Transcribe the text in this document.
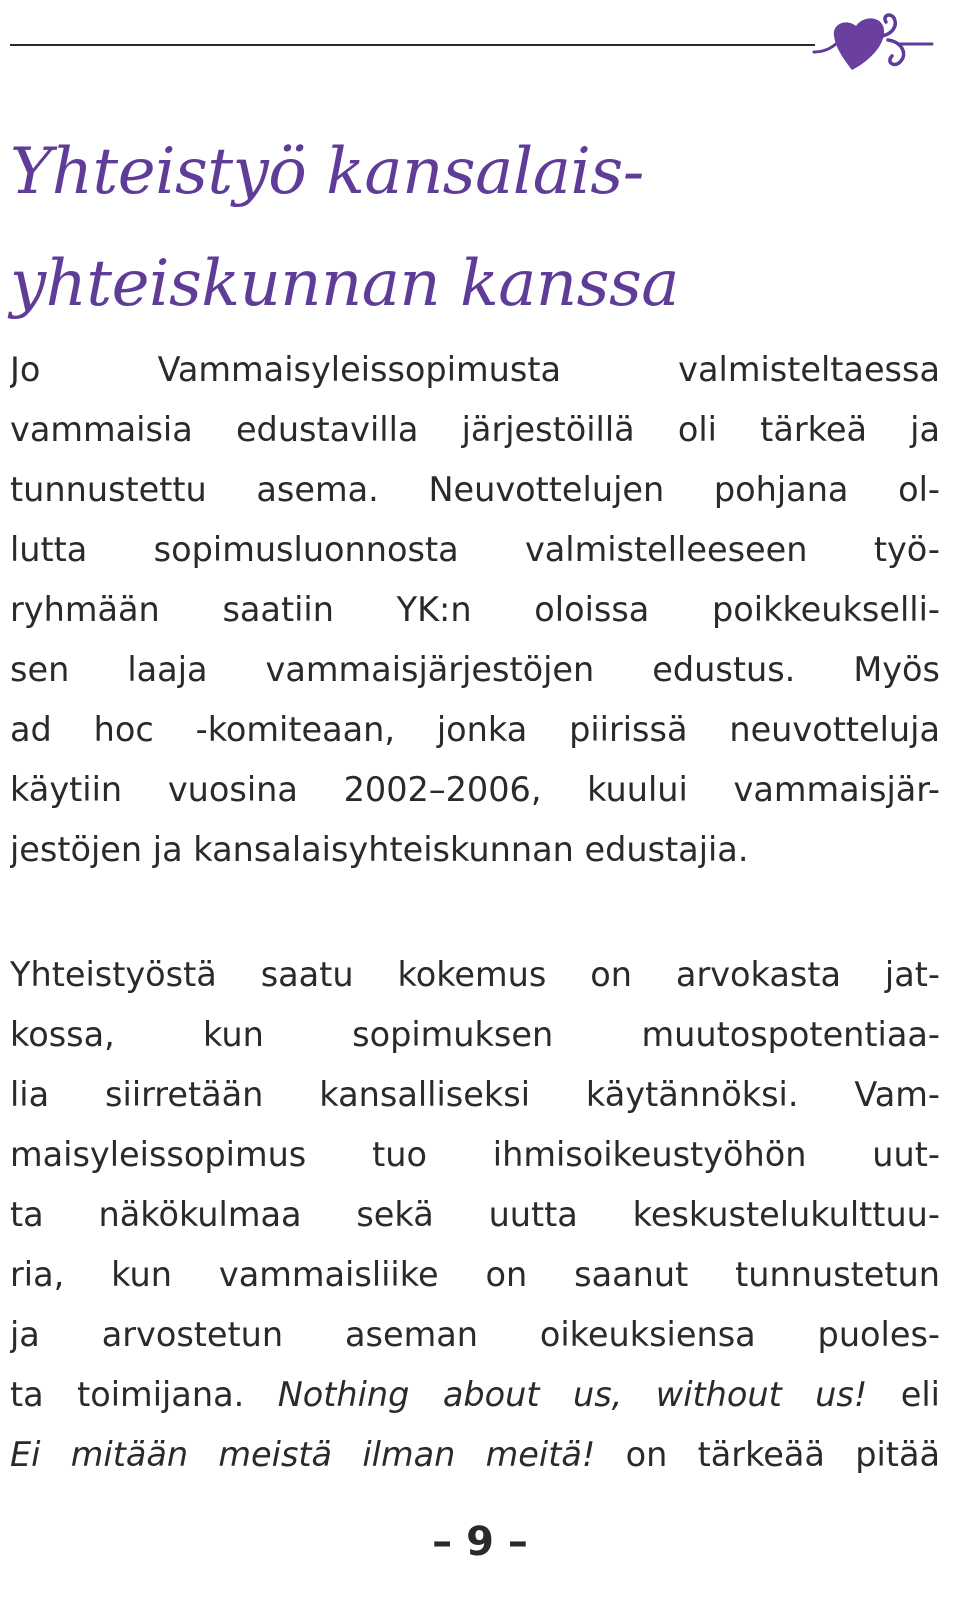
Yhteistyö kansalais-
yhteiskunnan kanssa
Jo Vammaisyleissopimusta valmisteltaessa
vammaisia edustavilla järjestöillä oli tärkeä ja
tunnustettu asema. Neuvottelujen pohjana ol-
lutta sopimusluonnosta valmistelleeseen työ-
ryhmään saatiin YK:n oloissa poikkeukselli-
sen laaja vammaisjärjestöjen edustus. Myös
ad hoc -komiteaan, jonka piirissä neuvotteluja
käytiin vuosina 2002–2006, kuului vammaisjär-
jestöjen ja kansalaisyhteiskunnan edustajia.
Yhteistyöstä saatu kokemus on arvokasta jat-
kossa, kun sopimuksen muutospotentiaa-
lia siirretään kansalliseksi käytännöksi. Vam-
maisyleissopimus tuo ihmisoikeustyöhön uut-
ta näkökulmaa sekä uutta keskustelukulttuu-
ria, kun vammaisliike on saanut tunnustetun
ja arvostetun aseman oikeuksiensa puoles-
ta toimijana. Nothing about us, without us! eli
Ei mitään meistä ilman meitä! on tärkeää pitää
– 9 –
